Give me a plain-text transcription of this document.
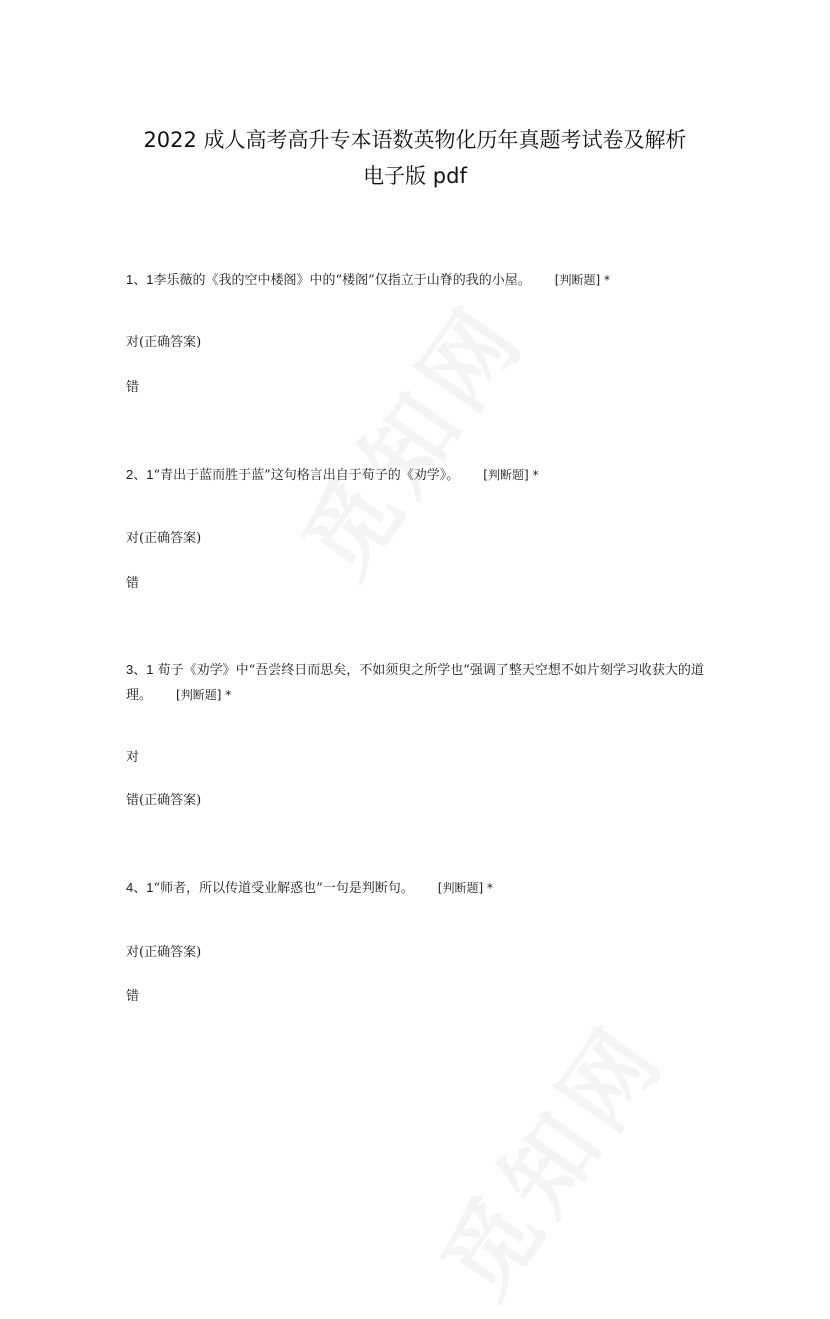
2022 成人高考高升专本语数英物化历年真题考试卷及解析
电子版 pdf
1、1李乐薇的《我的空中楼阁》中的“楼阁”仅指立于山脊的我的小屋。 [判断题] *
对(正确答案)
错
2、1“青出于蓝而胜于蓝”这句格言出自于荀子的《劝学》。 [判断题] *
对(正确答案)
错
3、1 荀子《劝学》中“吾尝终日而思矣，不如须臾之所学也”强调了整天空想不如片刻学习收获大的道理。 [判断题] *
对
错(正确答案)
4、1“师者，所以传道受业解惑也”一句是判断句。 [判断题] *
对(正确答案)
错
